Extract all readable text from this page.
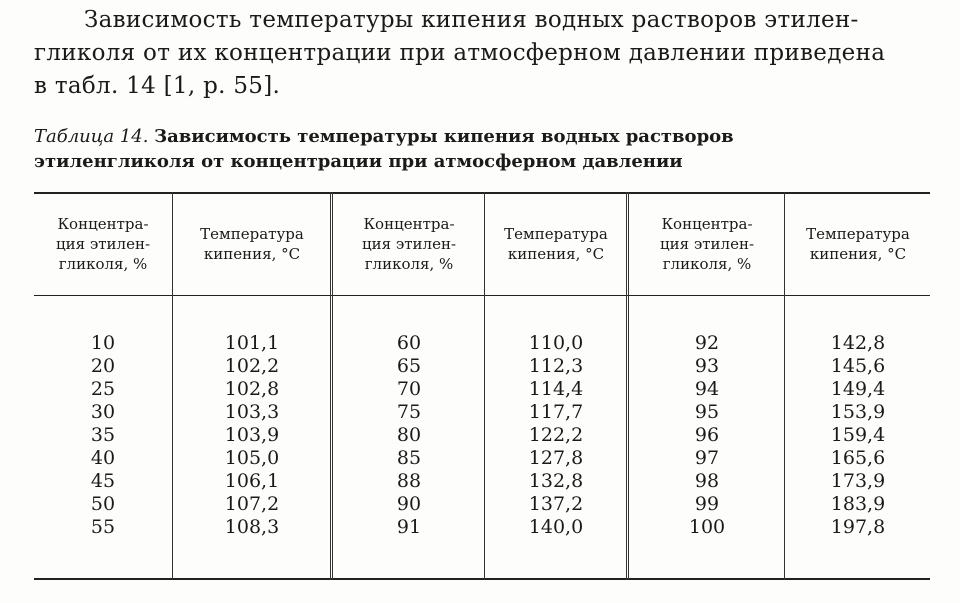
Зависимость температуры кипения водных растворов этилен-

гликоля от их концентрации при атмосферном давлении приведена

в табл. 14 [1, р. 55].

Таблица 14. Зависимость температуры кипения водных растворов
этиленгликоля от концентрации при атмосферном давлении
Концентра-
ция этилен-
гликоля, %
Температура
кипения, °С
Концентра-
ция этилен-
гликоля, %
Температура
кипения, °С
Концентра-
ция этилен-
гликоля, %
Температура
кипения, °С
10
20
25
30
35
40
45
50
55
101,1
102,2
102,8
103,3
103,9
105,0
106,1
107,2
108,3
60
65
70
75
80
85
88
90
91
110,0
112,3
114,4
117,7
122,2
127,8
132,8
137,2
140,0
92
93
94
95
96
97
98
99
100
142,8
145,6
149,4
153,9
159,4
165,6
173,9
183,9
197,8
